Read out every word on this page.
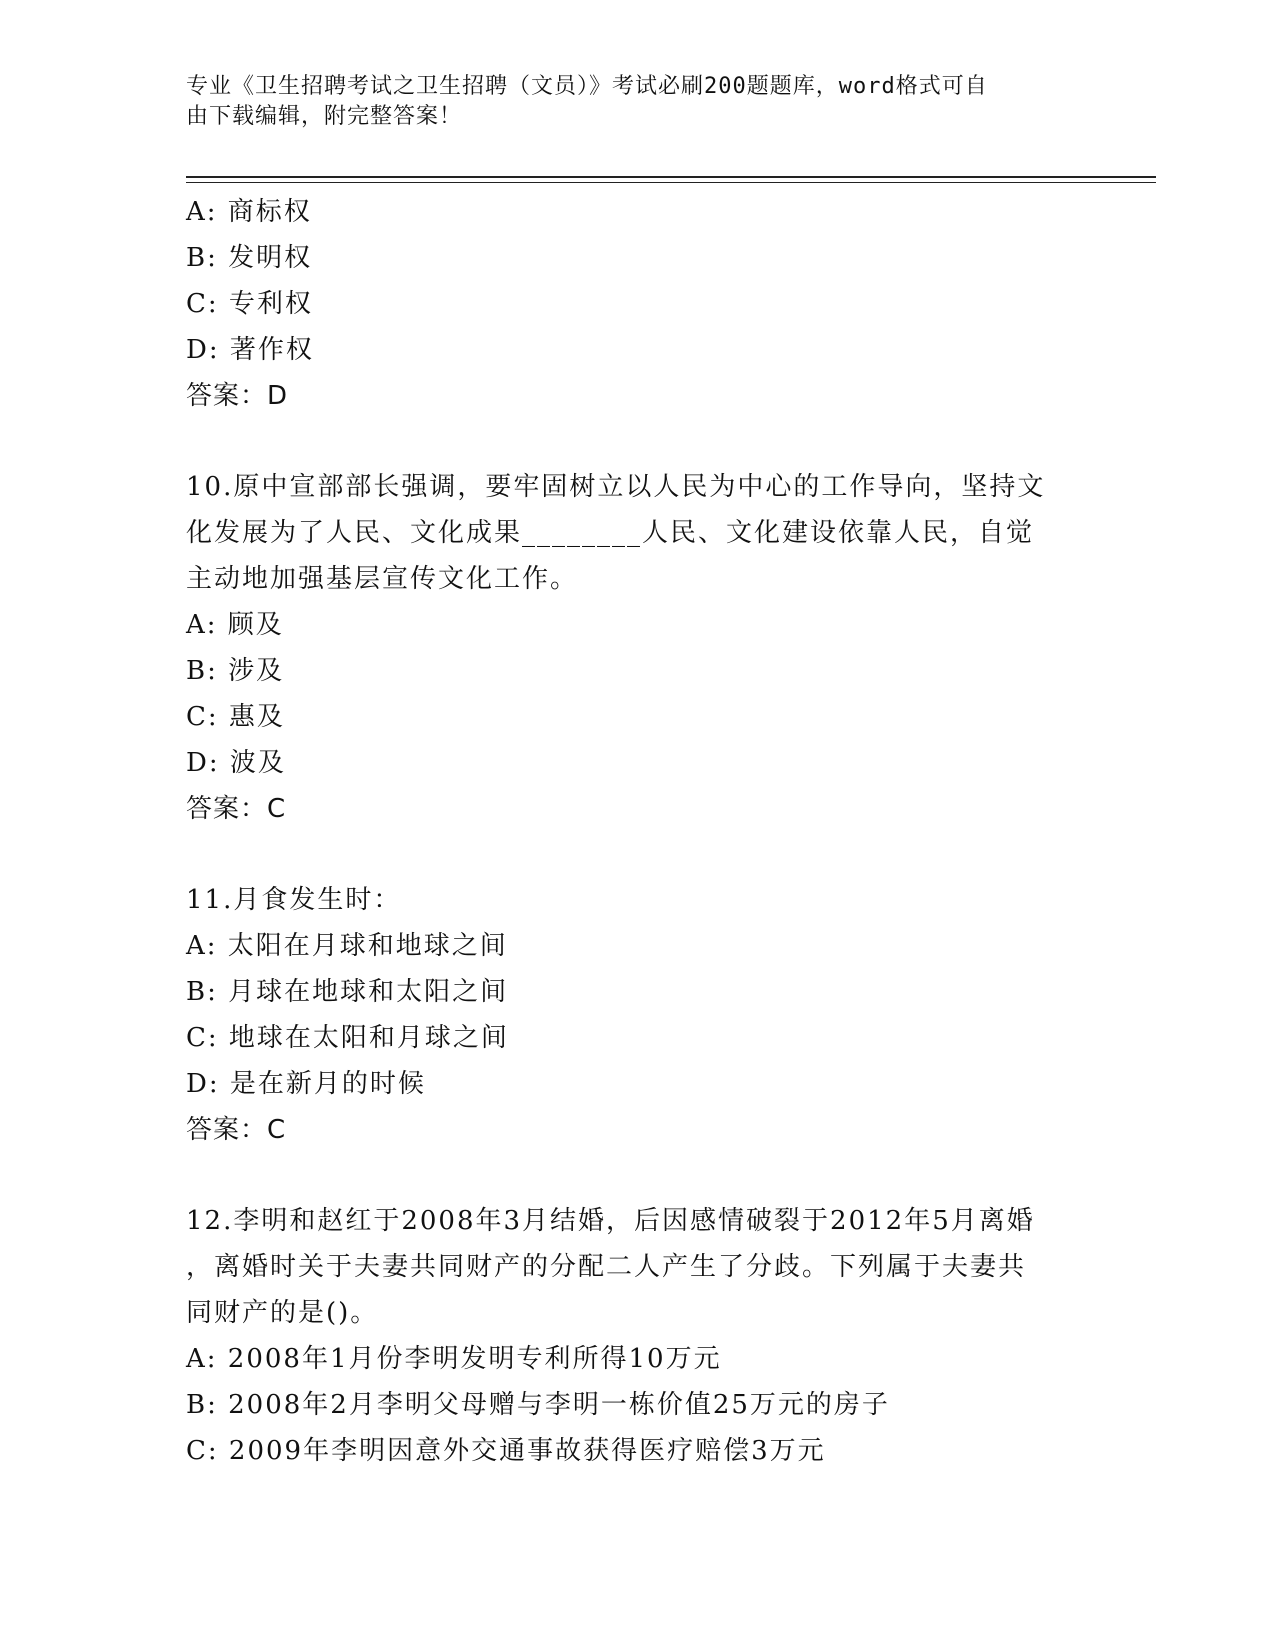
专业《卫生招聘考试之卫生招聘（文员）》考试必刷200题题库，word格式可自
由下载编辑，附完整答案！
A: 商标权
B: 发明权
C: 专利权
D: 著作权
答案：D
10.原中宣部部长强调，要牢固树立以人民为中心的工作导向，坚持文
化发展为了人民、文化成果________人民、文化建设依靠人民，自觉
主动地加强基层宣传文化工作。
A: 顾及
B: 涉及
C: 惠及
D: 波及
答案：C
11.月食发生时：
A: 太阳在月球和地球之间
B: 月球在地球和太阳之间
C: 地球在太阳和月球之间
D: 是在新月的时候
答案：C
12.李明和赵红于2008年3月结婚，后因感情破裂于2012年5月离婚
，离婚时关于夫妻共同财产的分配二人产生了分歧。下列属于夫妻共
同财产的是()。
A: 2008年1月份李明发明专利所得10万元
B: 2008年2月李明父母赠与李明一栋价值25万元的房子
C: 2009年李明因意外交通事故获得医疗赔偿3万元
